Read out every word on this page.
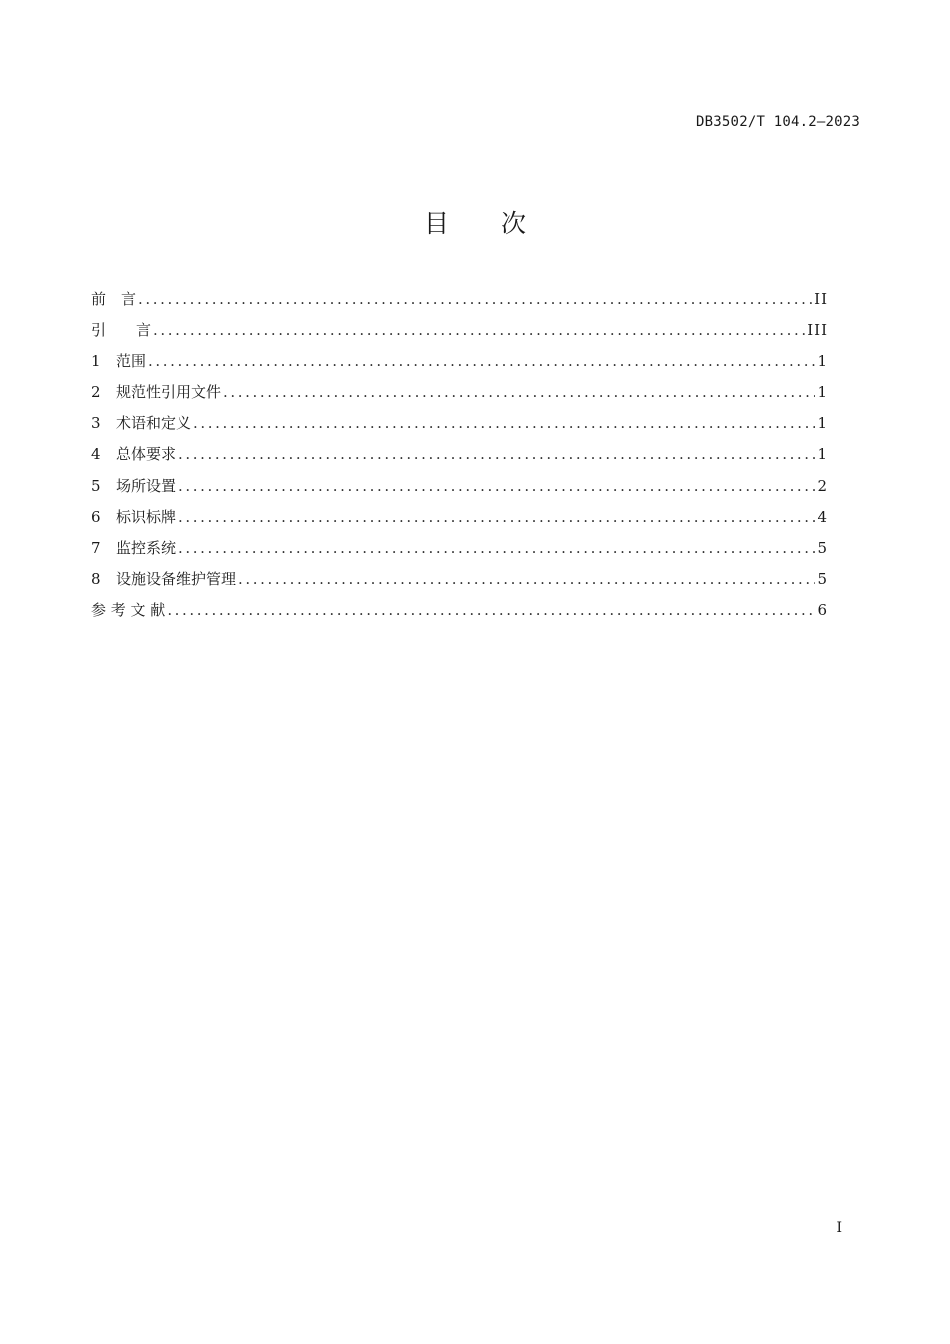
DB3502/T 104.2—2023
目 次
前　言 .....	II
引　　言 .....	III
1 范围 .....	1
2 规范性引用文件 .....	1
3 术语和定义 .....	1
4 总体要求 .....	1
5 场所设置 .....	2
6 标识标牌 .....	4
7 监控系统 .....	5
8 设施设备维护管理 .....	5
参 考 文 献 .....	6
I
